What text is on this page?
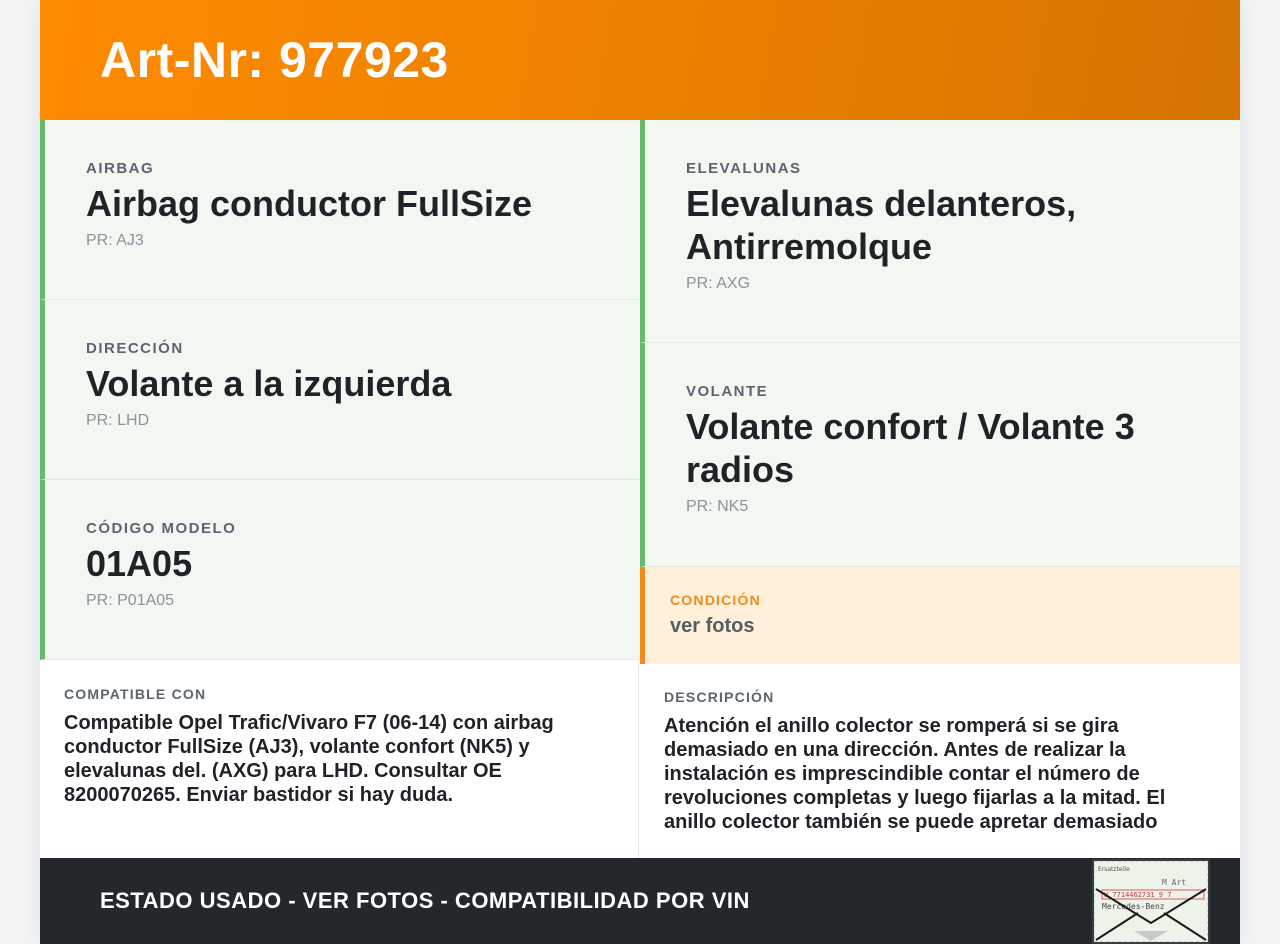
Art-Nr: 977923
AIRBAG
Airbag conductor FullSize
PR: AJ3
DIRECCIÓN
Volante a la izquierda
PR: LHD
CÓDIGO MODELO
01A05
PR: P01A05
ELEVALUNAS
Elevalunas delanteros, Antirremolque
PR: AXG
VOLANTE
Volante confort / Volante 3 radios
PR: NK5
CONDICIÓN
ver fotos
COMPATIBLE CON
Compatible Opel Trafic/Vivaro F7 (06-14) con airbag conductor FullSize (AJ3), volante confort (NK5) y elevalunas del. (AXG) para LHD. Consultar OE 8200070265. Enviar bastidor si hay duda.
DESCRIPCIÓN
Atención el anillo colector se romperá si se gira demasiado en una dirección. Antes de realizar la instalación es imprescindible contar el número de revoluciones completas y luego fijarlas a la mitad. El anillo colector también se puede apretar demasiado
ESTADO USADO - VER FOTOS - COMPATIBILIDAD POR VIN
Ersatzteile
M Art
W 7714462731 9 7
Mercedes-Benz
